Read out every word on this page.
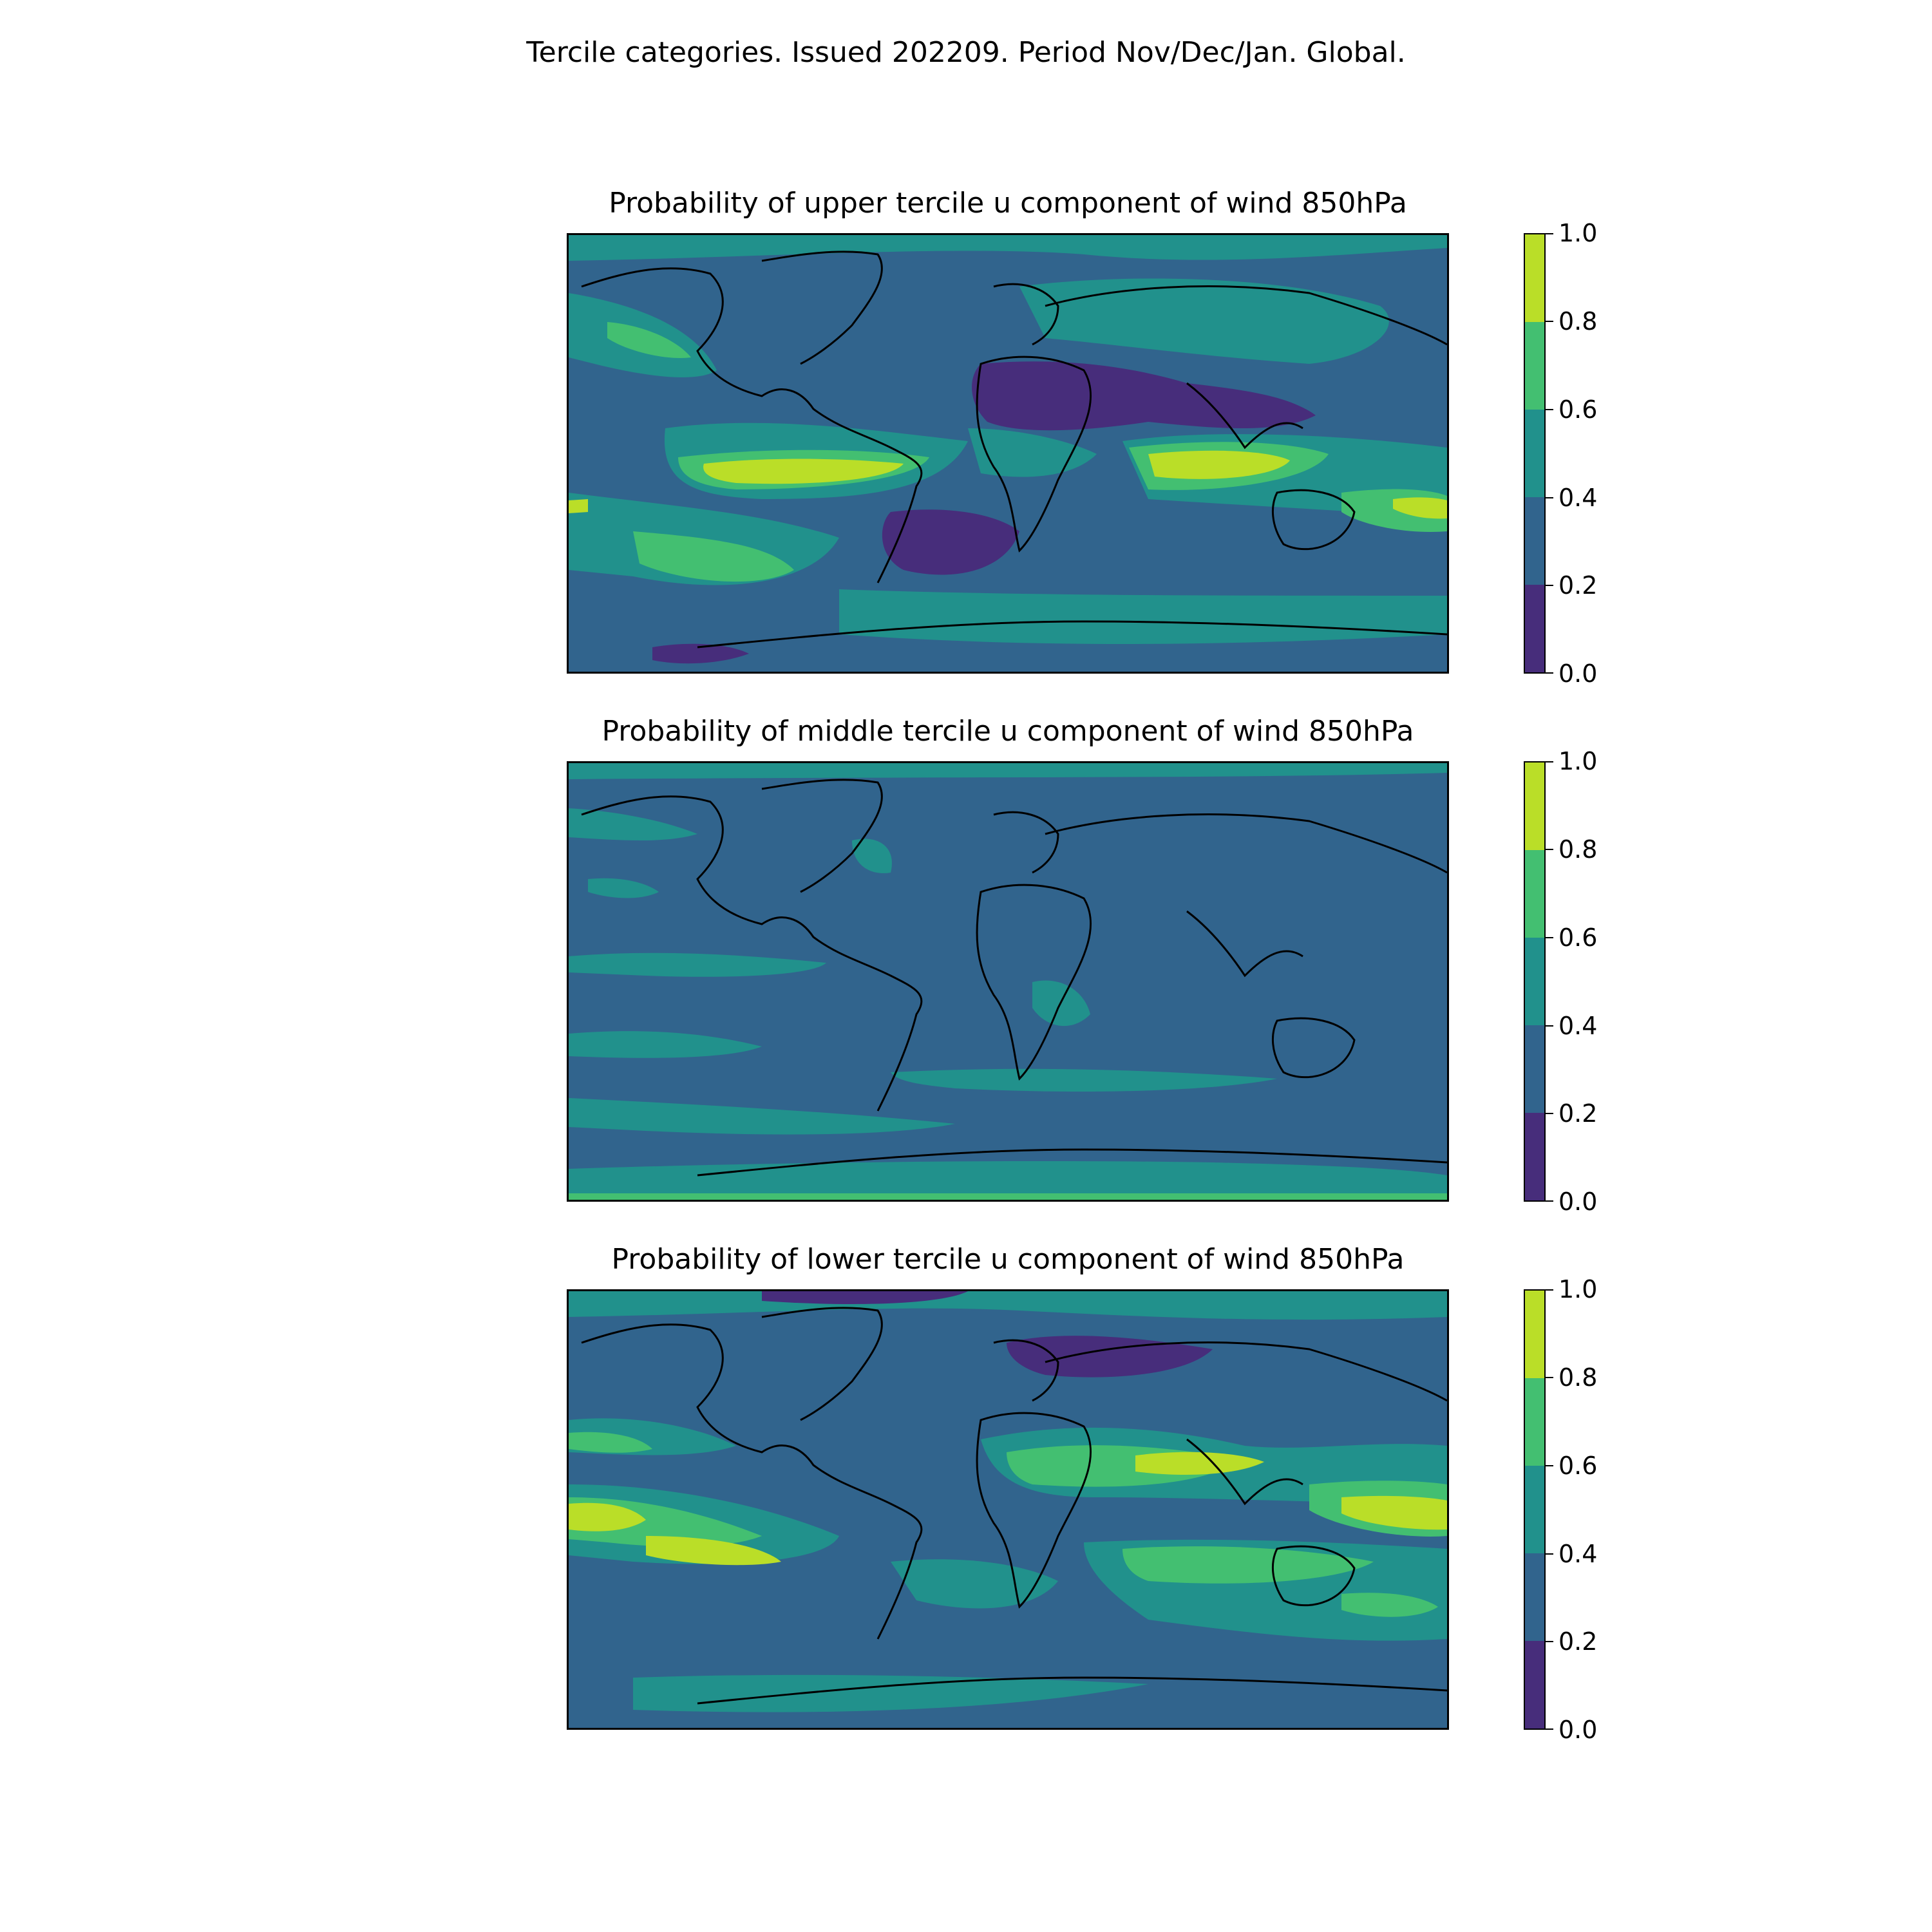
Tercile categories. Issued 202209. Period Nov/Dec/Jan. Global.
Probability of upper tercile u component of wind 850hPa
1.0
0.8
0.6
0.4
0.2
0.0
Probability of middle tercile u component of wind 850hPa
1.0
0.8
0.6
0.4
0.2
0.0
Probability of lower tercile u component of wind 850hPa
1.0
0.8
0.6
0.4
0.2
0.0
